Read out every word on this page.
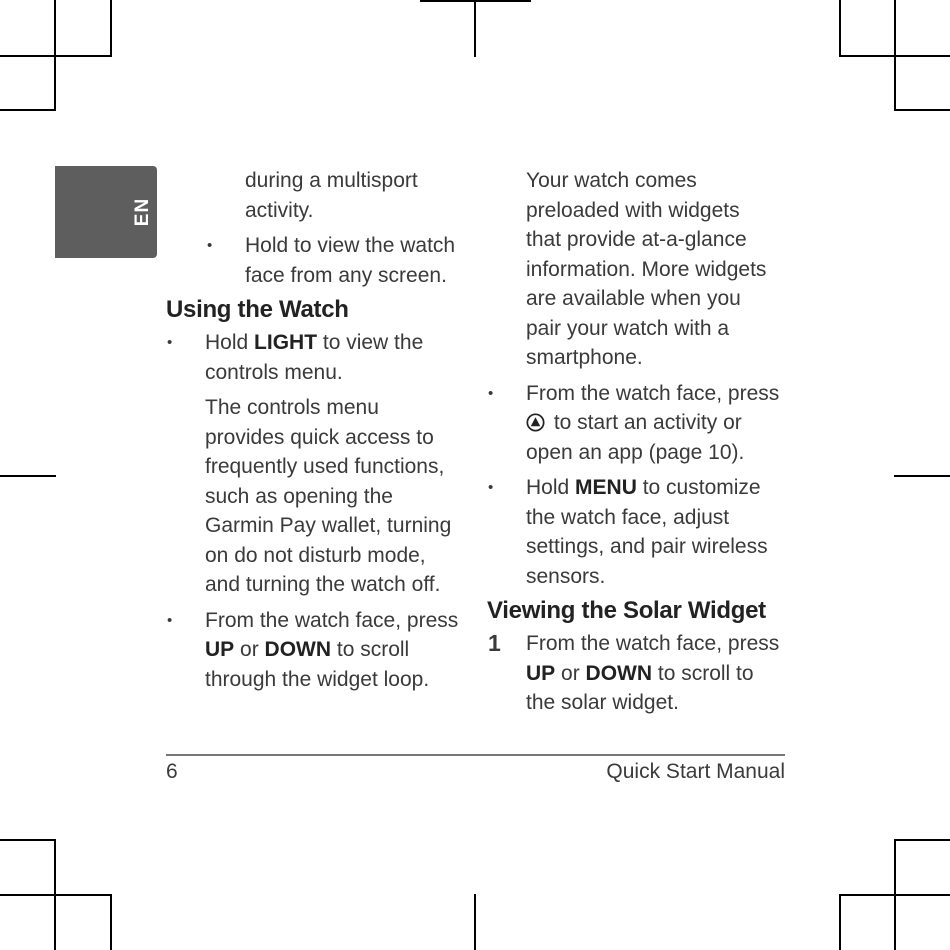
EN

during a multisport
activity.

• Hold to view the watch
face from any screen.

Using the Watch

• Hold LIGHT to view the
controls menu.

The controls menu
provides quick access to
frequently used functions,
such as opening the
Garmin Pay wallet, turning
on do not disturb mode,
and turning the watch off.

• From the watch face, press
UP or DOWN to scroll
through the widget loop.

Your watch comes
preloaded with widgets
that provide at-a-glance
information. More widgets
are available when you
pair your watch with a
smartphone.

• From the watch face, press
to start an activity or
open an app (page 10).

• Hold MENU to customize
the watch face, adjust
settings, and pair wireless
sensors.

Viewing the Solar Widget

1 From the watch face, press
UP or DOWN to scroll to
the solar widget.

6	Quick Start Manual
